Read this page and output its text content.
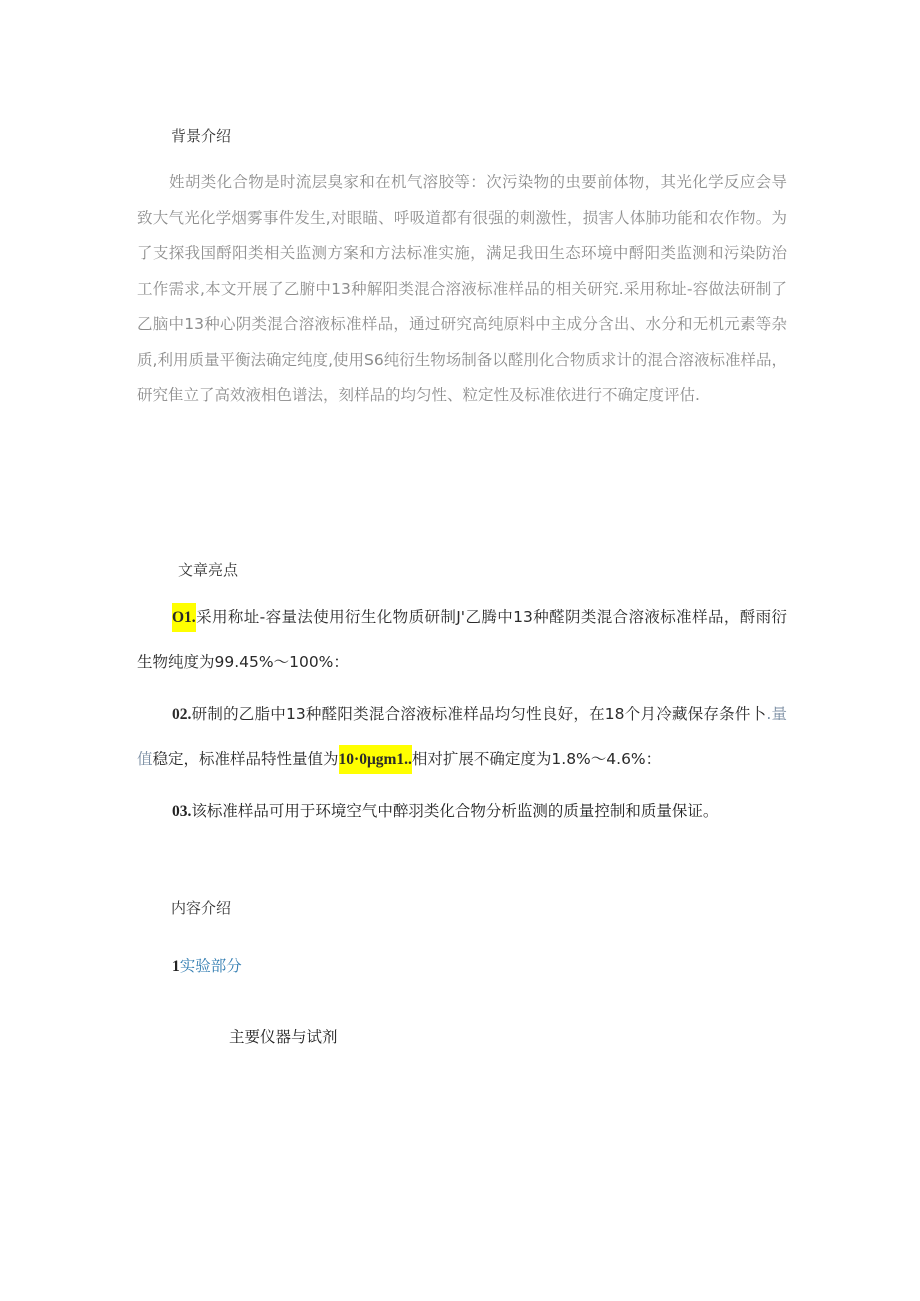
背景介绍
姓胡类化合物是时流层臭家和在机气溶胶等：次污染物的虫要前体物，其光化学反应会导致大气光化学烟雾事件发生,对眼瞄、呼吸道都有很强的刺激性，损害人体肺功能和农作物。为了支探我国酹阳类相关监测方案和方法标准实施，满足我田生态环境中酹阳类监测和污染防治工作需求,本文开展了乙腑中13种解阳类混合溶液标准样品的相关研究.采用称址-容做法研制了乙脑中13种心阴类混合溶液标准样品，通过研究高纯原料中主成分含出、水分和无机元素等杂质,利用质量平衡法确定纯度,使用S6纯衍生物场制备以醛刖化合物质求计的混合溶液标准样品，研究隹立了高效液相色谱法，刻样品的均匀性、粒定性及标准依进行不确定度评估.
文章亮点
O1.采用称址-容量法使用衍生化物质研制J'乙腾中13种醛阴类混合溶液标准样品，酹雨衍生物纯度为99.45%～100%：
02.研制的乙脂中13种醛阳类混合溶液标准样品均匀性良好，在18个月冷藏保存条件卜.量值稳定，标准样品特性量值为10·0μgm1..相对扩展不确定度为1.8%～4.6%：
03.该标准样品可用于环境空气中醉羽类化合物分析监测的质量控制和质量保证。
内容介绍
1实验部分
主要仪器与试剂
